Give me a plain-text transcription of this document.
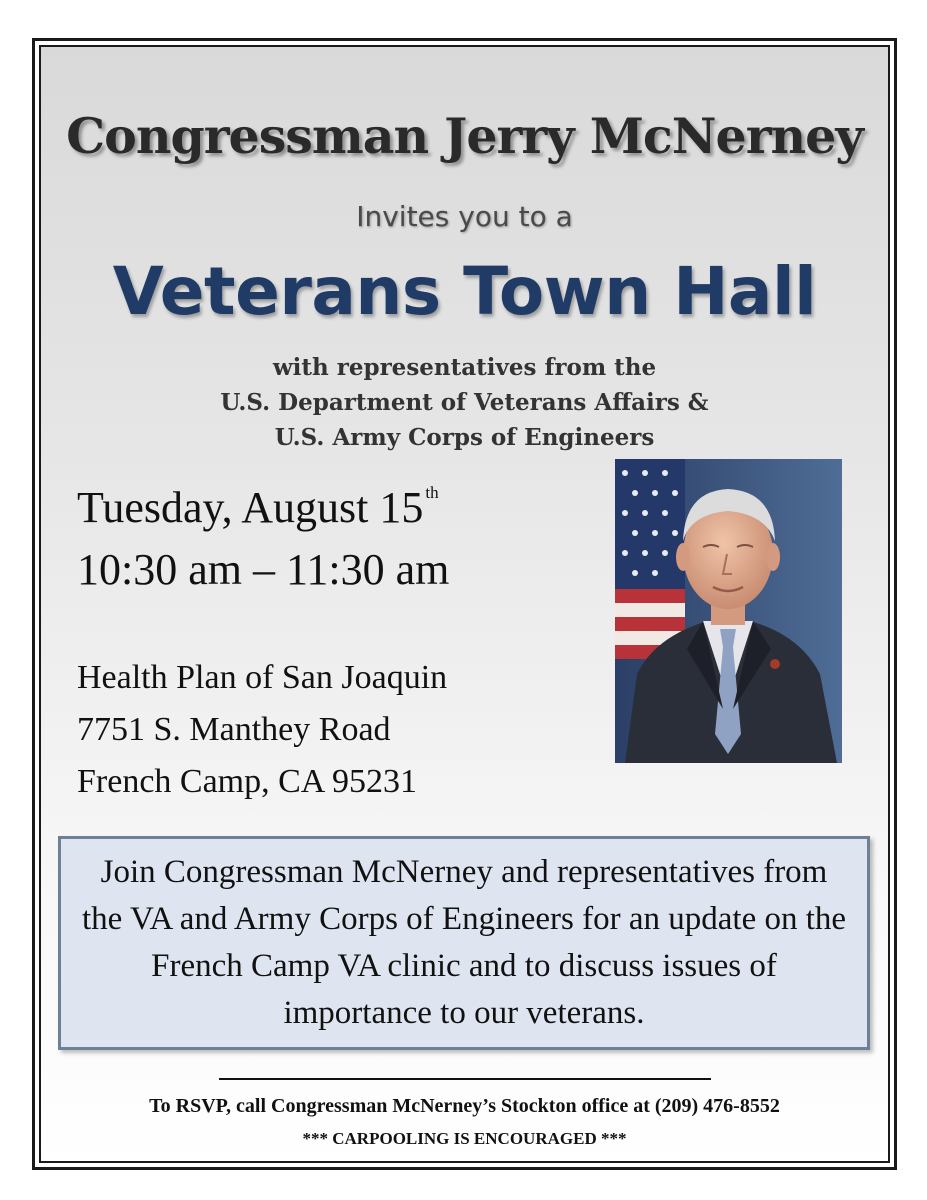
Congressman Jerry McNerney
Invites you to a
Veterans Town Hall
with representatives from the
U.S. Department of Veterans Affairs &
U.S. Army Corps of Engineers
Tuesday, August 15 $^{th}$
10:30 am – 11:30 am
Health Plan of San Joaquin
7751 S. Manthey Road
French Camp, CA 95231
Join Congressman McNerney and representatives from the VA and Army Corps of Engineers for an update on the French Camp VA clinic and to discuss issues of importance to our veterans.
To RSVP, call Congressman McNerney’s Stockton office at (209) 476-8552
*** CARPOOLING IS ENCOURAGED ***
